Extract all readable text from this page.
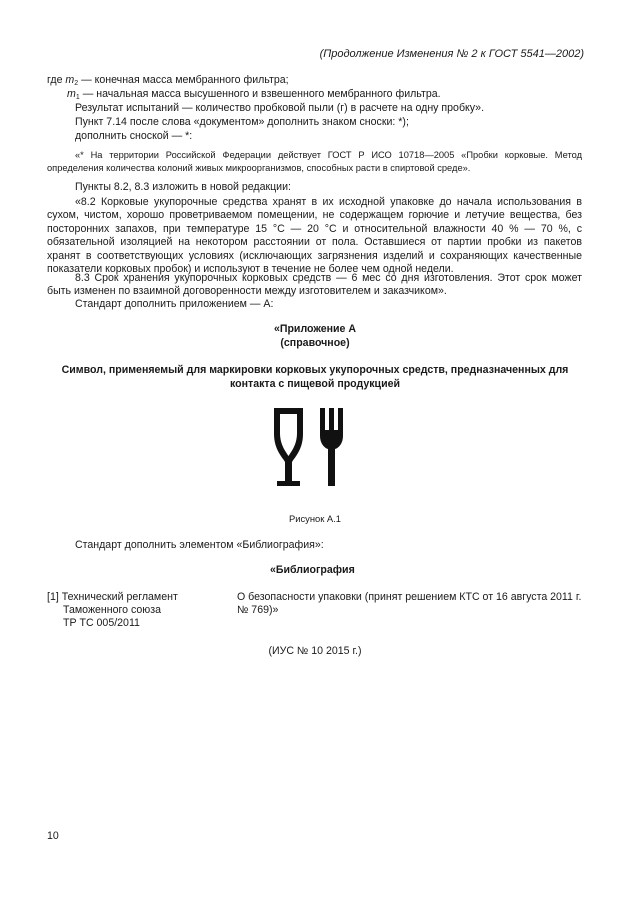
(Продолжение Изменения № 2 к ГОСТ 5541—2002)
где $m_2$ — конечная масса мембранного фильтра;
$m_1$ — начальная масса высушенного и взвешенного мембранного фильтра.
Результат испытаний — количество пробковой пыли (г) в расчете на одну пробку».
Пункт 7.14 после слова «документом» дополнить знаком сноски: *);
дополнить сноской — *:
«* На территории Российской Федерации действует ГОСТ Р ИСО 10718—2005 «Пробки корковые. Метод определения количества колоний живых микроорганизмов, способных расти в спиртовой среде».
Пункты 8.2, 8.3 изложить в новой редакции:
«8.2 Корковые укупорочные средства хранят в их исходной упаковке до начала использования в сухом, чистом, хорошо проветриваемом помещении, не содержащем горючие и летучие вещества, без посторонних запахов, при температуре 15 °С — 20 °С и относительной влажности 40 % — 70 %, с обязательной изоляцией на некотором расстоянии от пола. Оставшиеся от партии пробки из пакетов хранят в соответствующих условиях (исключающих загрязнения изделий и сохраняющих качественные показатели корковых пробок) и используют в течение не более чем одной недели.
8.3 Срок хранения укупорочных корковых средств — 6 мес со дня изготовления. Этот срок может быть изменен по взаимной договоренности между изготовителем и заказчиком».
Стандарт дополнить приложением — А:
«Приложение А
(справочное)
Символ, применяемый для маркировки корковых укупорочных средств, предназначенных для контакта с пищевой продукцией
Рисунок А.1
Стандарт дополнить элементом «Библиография»:
«Библиография
[1] Технический регламент
Таможенного союза
ТР ТС 005/2011
О безопасности упаковки (принят решением КТС от 16 августа 2011 г. № 769)»
(ИУС № 10 2015 г.)
10
